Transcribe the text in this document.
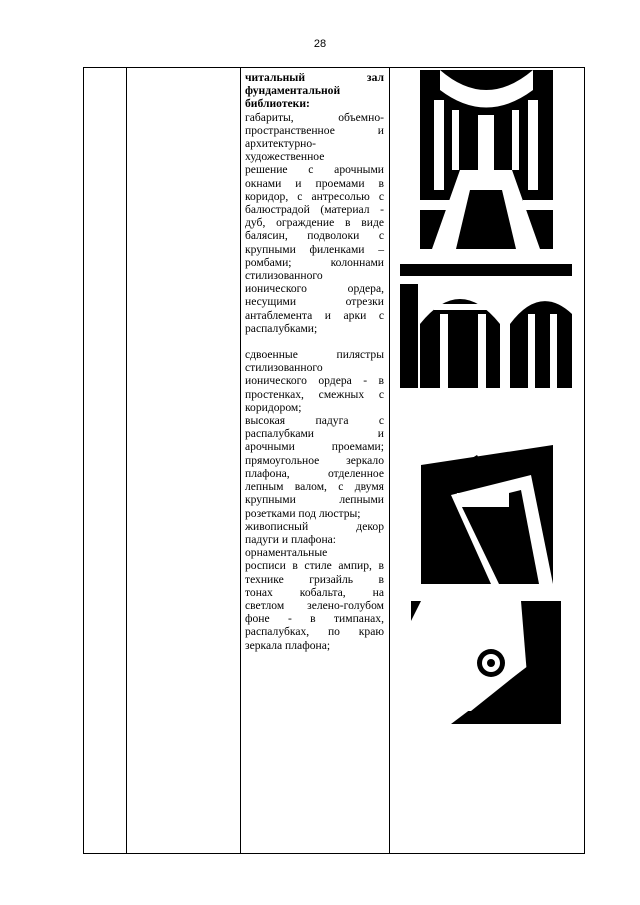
28
читальный зал
фундаментальной
библиотеки:
габариты, объемно-
пространственное и
архитектурно-
художественное
решение с арочными
окнами и проемами в
коридор, с антресолью с
балюстрадой (материал -
дуб, ограждение в виде
балясин, подволоки с
крупными филенками –
ромбами; колоннами
стилизованного
ионического ордера,
несущими отрезки
антаблемента и арки с
распалубками;
сдвоенные пилястры
стилизованного
ионического ордера - в
простенках, смежных с
коридором;
высокая падуга с
распалубками и
арочными проемами;
прямоугольное зеркало
плафона, отделенное
лепным валом, с двумя
крупными лепными
розетками под люстры;
живописный декор
падуги и плафона:
орнаментальные
росписи в стиле ампир, в
технике гризайль в
тонах кобальта, на
светлом зелено-голубом
фоне - в тимпанах,
распалубках, по краю
зеркала плафона;
